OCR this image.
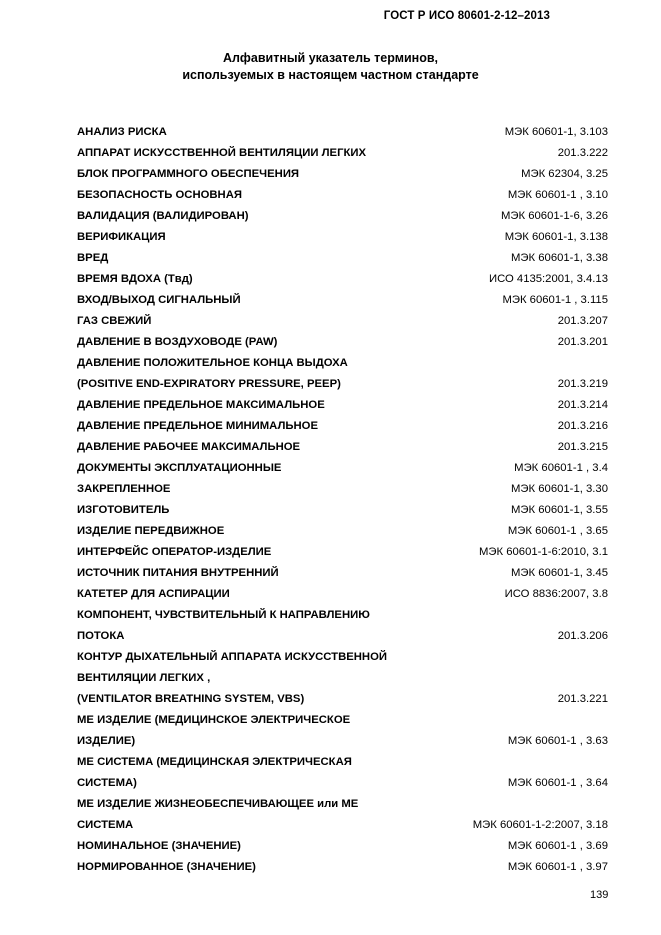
ГОСТ Р ИСО 80601-2-12–2013
Алфавитный указатель терминов,
используемых в настоящем частном стандарте
АНАЛИЗ РИСКА	МЭК 60601-1, 3.103
АППАРАТ ИСКУССТВЕННОЙ ВЕНТИЛЯЦИИ ЛЕГКИХ	201.3.222
БЛОК ПРОГРАММНОГО ОБЕСПЕЧЕНИЯ	МЭК 62304, 3.25
БЕЗОПАСНОСТЬ ОСНОВНАЯ	МЭК 60601-1 , 3.10
ВАЛИДАЦИЯ (ВАЛИДИРОВАН)	МЭК 60601-1-6, 3.26
ВЕРИФИКАЦИЯ	МЭК 60601-1, 3.138
ВРЕД	МЭК 60601-1, 3.38
ВРЕМЯ ВДОХА (Tвд)	ИСО 4135:2001, 3.4.13
ВХОД/ВЫХОД СИГНАЛЬНЫЙ	МЭК 60601-1 , 3.115
ГАЗ СВЕЖИЙ	201.3.207
ДАВЛЕНИЕ В ВОЗДУХОВОДЕ (PAW)	201.3.201
ДАВЛЕНИЕ ПОЛОЖИТЕЛЬНОЕ КОНЦА ВЫДОХА
(POSITIVE END-EXPIRATORY PRESSURE, PEEP)	201.3.219
ДАВЛЕНИЕ ПРЕДЕЛЬНОЕ МАКСИМАЛЬНОЕ	201.3.214
ДАВЛЕНИЕ ПРЕДЕЛЬНОЕ МИНИМАЛЬНОЕ	201.3.216
ДАВЛЕНИЕ РАБОЧЕЕ МАКСИМАЛЬНОЕ	201.3.215
ДОКУМЕНТЫ ЭКСПЛУАТАЦИОННЫЕ	МЭК 60601-1 , 3.4
ЗАКРЕПЛЕННОЕ	МЭК 60601-1, 3.30
ИЗГОТОВИТЕЛЬ	МЭК 60601-1, 3.55
ИЗДЕЛИЕ ПЕРЕДВИЖНОЕ	МЭК 60601-1 , 3.65
ИНТЕРФЕЙС ОПЕРАТОР-ИЗДЕЛИЕ	МЭК 60601-1-6:2010, 3.1
ИСТОЧНИК ПИТАНИЯ ВНУТРЕННИЙ	МЭК 60601-1, 3.45
КАТЕТЕР ДЛЯ АСПИРАЦИИ	ИСО 8836:2007, 3.8
КОМПОНЕНТ, ЧУВСТВИТЕЛЬНЫЙ К НАПРАВЛЕНИЮ
ПОТОКА	201.3.206
КОНТУР ДЫХАТЕЛЬНЫЙ АППАРАТА ИСКУССТВЕННОЙ
ВЕНТИЛЯЦИИ ЛЕГКИХ ,
(VENTILATOR BREATHING SYSTEM, VBS)	201.3.221
МЕ ИЗДЕЛИЕ (МЕДИЦИНСКОЕ ЭЛЕКТРИЧЕСКОЕ
ИЗДЕЛИЕ)	МЭК 60601-1 , 3.63
МЕ СИСТЕМА (МЕДИЦИНСКАЯ ЭЛЕКТРИЧЕСКАЯ
СИСТЕМА)	МЭК 60601-1 , 3.64
МЕ ИЗДЕЛИЕ ЖИЗНЕОБЕСПЕЧИВАЮЩЕЕ или МЕ
СИСТЕМА	МЭК 60601-1-2:2007, 3.18
НОМИНАЛЬНОЕ (ЗНАЧЕНИЕ)	МЭК 60601-1 , 3.69
НОРМИРОВАННОЕ (ЗНАЧЕНИЕ)	МЭК 60601-1 , 3.97
139
